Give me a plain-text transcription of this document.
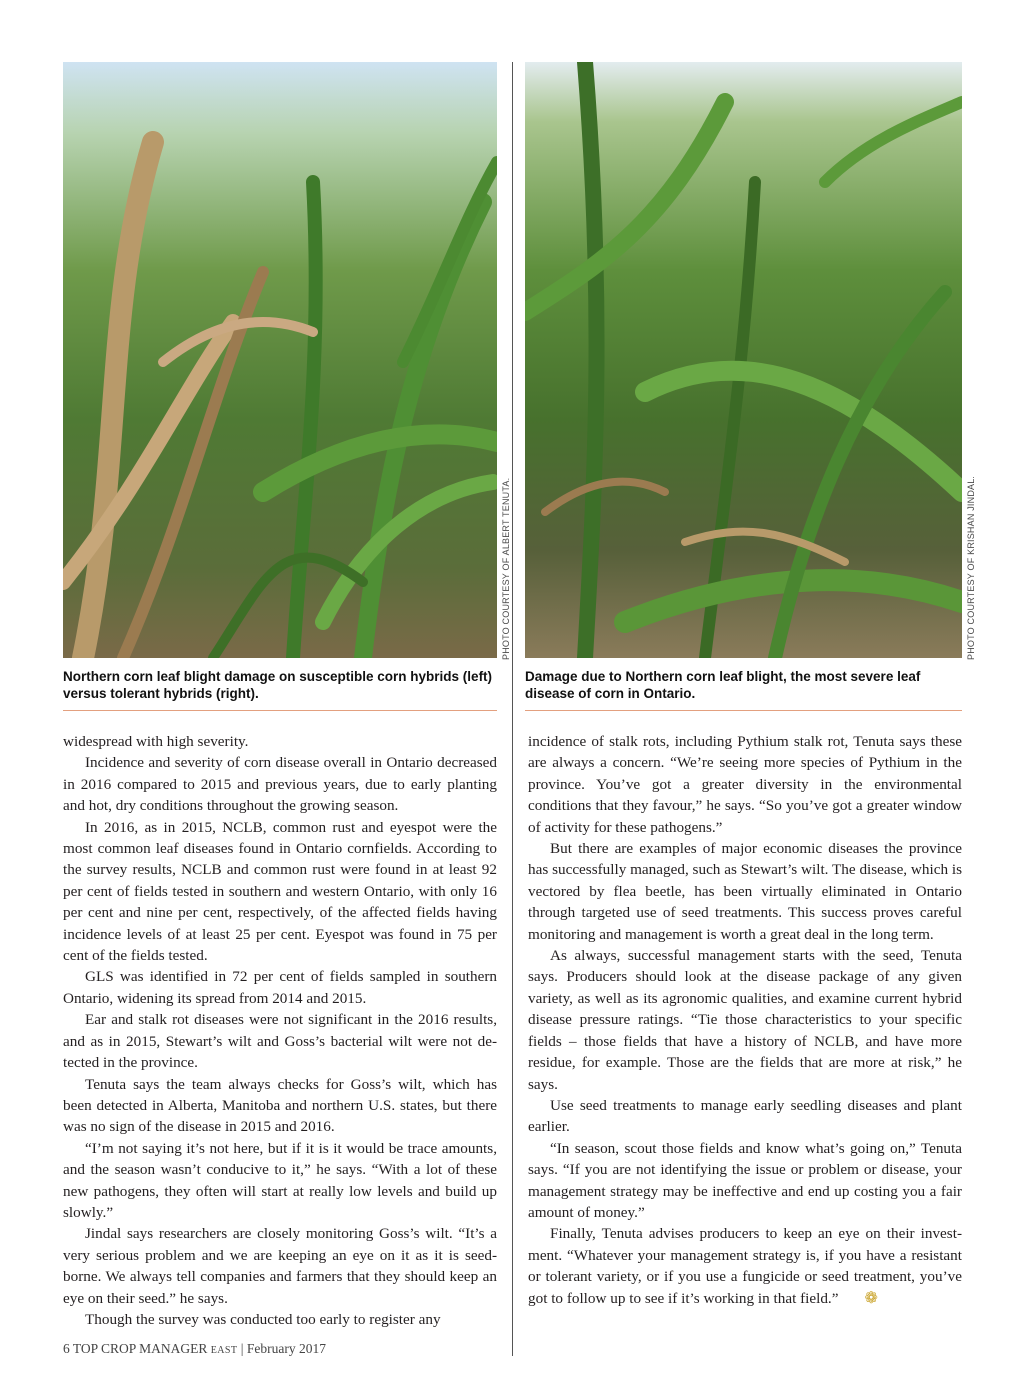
PHOTO COURTESY OF ALBERT TENUTA.
Northern corn leaf blight damage on susceptible corn hybrids (left) versus tolerant hybrids (right).
PHOTO COURTESY OF KRISHAN JINDAL.
Damage due to Northern corn leaf blight, the most severe leaf disease of corn in Ontario.

widespread with high severity.

Incidence and severity of corn disease overall in Ontario decreased in 2016 compared to 2015 and previous years, due to early planting and hot, dry conditions throughout the growing season.

In 2016, as in 2015, NCLB, common rust and eyespot were the most common leaf diseases found in Ontario cornfields. According to the survey results, NCLB and common rust were found in at least 92 per cent of fields tested in southern and western Ontario, with only 16 per cent and nine per cent, respectively, of the affected fields having incidence levels of at least 25 per cent. Eyespot was found in 75 per cent of the fields tested.

GLS was identified in 72 per cent of fields sampled in southern Ontario, widening its spread from 2014 and 2015.

Ear and stalk rot diseases were not significant in the 2016 results, and as in 2015, Stewart’s wilt and Goss’s bacterial wilt were not detected in the province.

Tenuta says the team always checks for Goss’s wilt, which has been detected in Alberta, Manitoba and northern U.S. states, but there was no sign of the disease in 2015 and 2016.

“I’m not saying it’s not here, but if it is it would be trace amounts, and the season wasn’t conducive to it,” he says. “With a lot of these new pathogens, they often will start at really low levels and build up slowly.”

Jindal says researchers are closely monitoring Goss’s wilt. “It’s a very serious problem and we are keeping an eye on it as it is seedborne. We always tell companies and farmers that they should keep an eye on their seed.” he says.

Though the survey was conducted too early to register any

incidence of stalk rots, including Pythium stalk rot, Tenuta says these are always a concern. “We’re seeing more species of Pythium in the province. You’ve got a greater diversity in the environmental conditions that they favour,” he says. “So you’ve got a greater window of activity for these pathogens.”

But there are examples of major economic diseases the province has successfully managed, such as Stewart’s wilt. The disease, which is vectored by flea beetle, has been virtually eliminated in Ontario through targeted use of seed treatments. This success proves careful monitoring and management is worth a great deal in the long term.

As always, successful management starts with the seed, Tenuta says. Producers should look at the disease package of any given variety, as well as its agronomic qualities, and examine current hybrid disease pressure ratings. “Tie those characteristics to your specific fields – those fields that have a history of NCLB, and have more residue, for example. Those are the fields that are more at risk,” he says.

Use seed treatments to manage early seedling diseases and plant earlier.

“In season, scout those fields and know what’s going on,” Tenuta says. “If you are not identifying the issue or problem or disease, your management strategy may be ineffective and end up costing you a fair amount of money.”

Finally, Tenuta advises producers to keep an eye on their investment. “Whatever your management strategy is, if you have a resistant or tolerant variety, or if you use a fungicide or seed treatment, you’ve got to follow up to see if it’s working in that field.” ❁

6 TOP CROP MANAGER EAST | February 2017
